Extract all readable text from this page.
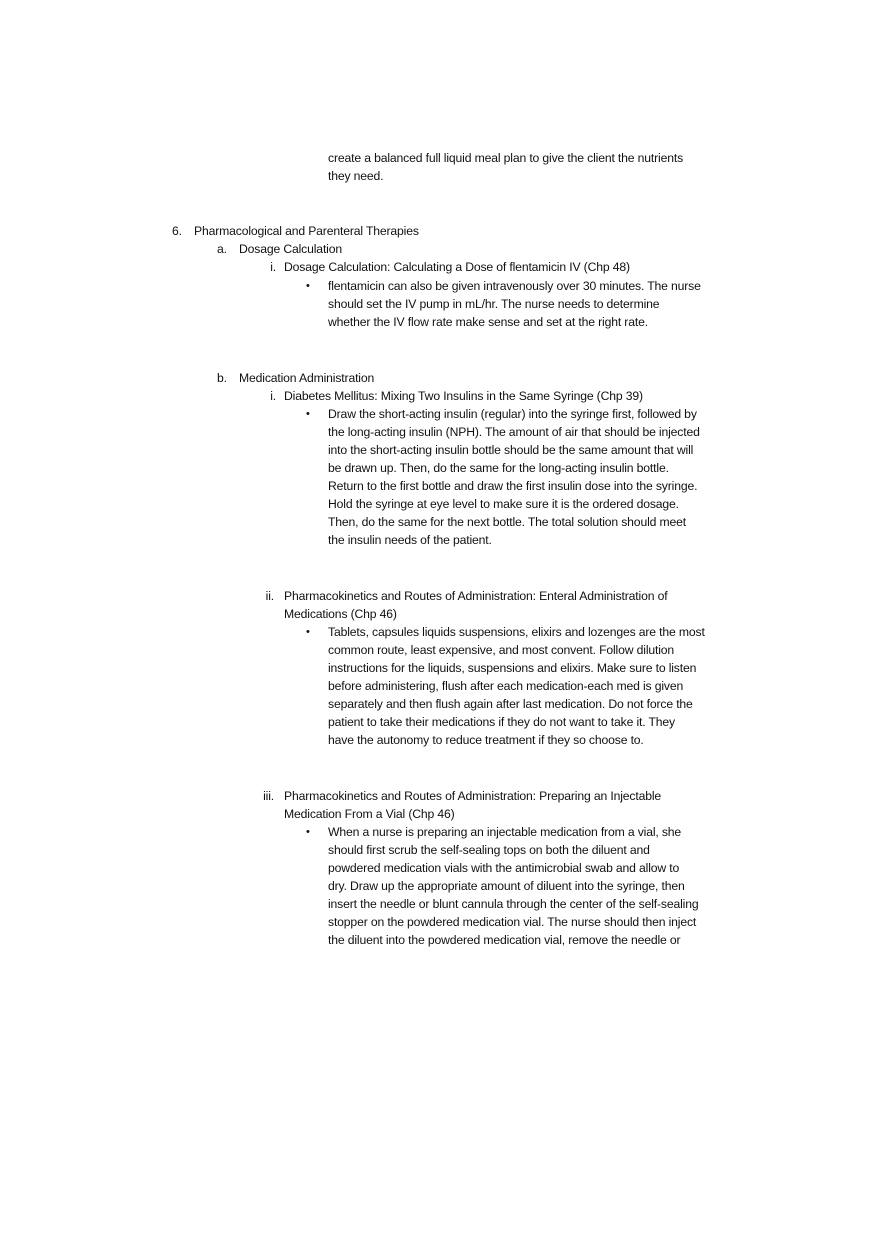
create a balanced full liquid meal plan to give the client the nutrients
they need.
6. Pharmacological and Parenteral Therapies
a. Dosage Calculation
i. Dosage Calculation: Calculating a Dose of flentamicin IV (Chp 48)
• flentamicin can also be given intravenously over 30 minutes. The nurse
should set the IV pump in mL/hr. The nurse needs to determine
whether the IV flow rate make sense and set at the right rate.
b. Medication Administration
i. Diabetes Mellitus: Mixing Two Insulins in the Same Syringe (Chp 39)
• Draw the short-acting insulin (regular) into the syringe first, followed by
the long-acting insulin (NPH). The amount of air that should be injected
into the short-acting insulin bottle should be the same amount that will
be drawn up. Then, do the same for the long-acting insulin bottle.
Return to the first bottle and draw the first insulin dose into the syringe.
Hold the syringe at eye level to make sure it is the ordered dosage.
Then, do the same for the next bottle. The total solution should meet
the insulin needs of the patient.
ii. Pharmacokinetics and Routes of Administration: Enteral Administration of
Medications (Chp 46)
• Tablets, capsules liquids suspensions, elixirs and lozenges are the most
common route, least expensive, and most convent. Follow dilution
instructions for the liquids, suspensions and elixirs. Make sure to listen
before administering, flush after each medication-each med is given
separately and then flush again after last medication. Do not force the
patient to take their medications if they do not want to take it. They
have the autonomy to reduce treatment if they so choose to.
iii. Pharmacokinetics and Routes of Administration: Preparing an Injectable
Medication From a Vial (Chp 46)
• When a nurse is preparing an injectable medication from a vial, she
should first scrub the self-sealing tops on both the diluent and
powdered medication vials with the antimicrobial swab and allow to
dry. Draw up the appropriate amount of diluent into the syringe, then
insert the needle or blunt cannula through the center of the self-sealing
stopper on the powdered medication vial. The nurse should then inject
the diluent into the powdered medication vial, remove the needle or
